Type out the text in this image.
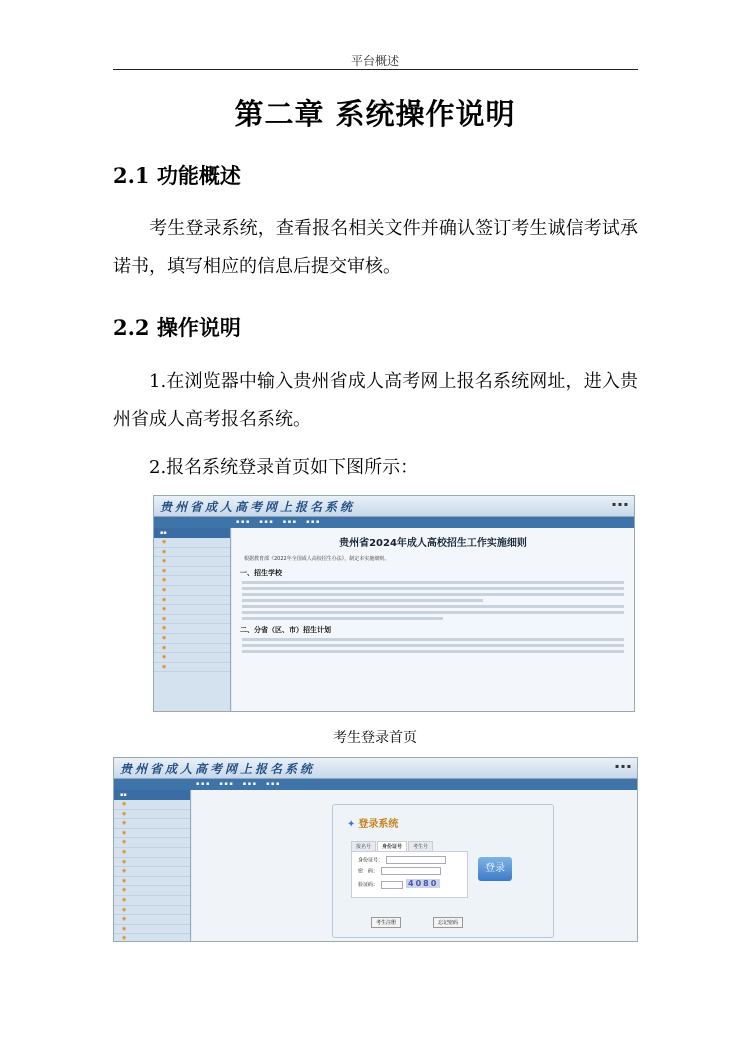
平台概述
第二章 系统操作说明
2.1 功能概述
考生登录系统，查看报名相关文件并确认签订考生诚信考试承诺书，填写相应的信息后提交审核。
2.2 操作说明
1.在浏览器中输入贵州省成人高考网上报名系统网址，进入贵州省成人高考报名系统。
2.报名系统登录首页如下图所示：
贵州省成人高考网上报名系统	▪ ▪ ▪
▪ ▪ ▪ ▪ ▪ ▪ ▪ ▪ ▪ ▪ ▪ ▪
▪▪
◉
◉
◉
◉
◉
◉
◉
◉
◉
◉
◉
◉
◉
◉
贵州省2024年成人高校招生工作实施细则
根据教育部《2022年全国成人高校招生办法》，制定本实施细则。
一、招生学校
二、分省（区、市）招生计划
考生登录首页
贵州省成人高考网上报名系统	▪ ▪ ▪
▪ ▪ ▪ ▪ ▪ ▪ ▪ ▪ ▪ ▪ ▪ ▪
▪▪
◉
◉
◉
◉
◉
◉
◉
◉
◉
◉
◉
◉
◉
◉
◉
✦ 登录系统
报名号 身份证号 考生号
身份证号：
密　码：
验证码：	4080
登录
考生注册	忘记密码
